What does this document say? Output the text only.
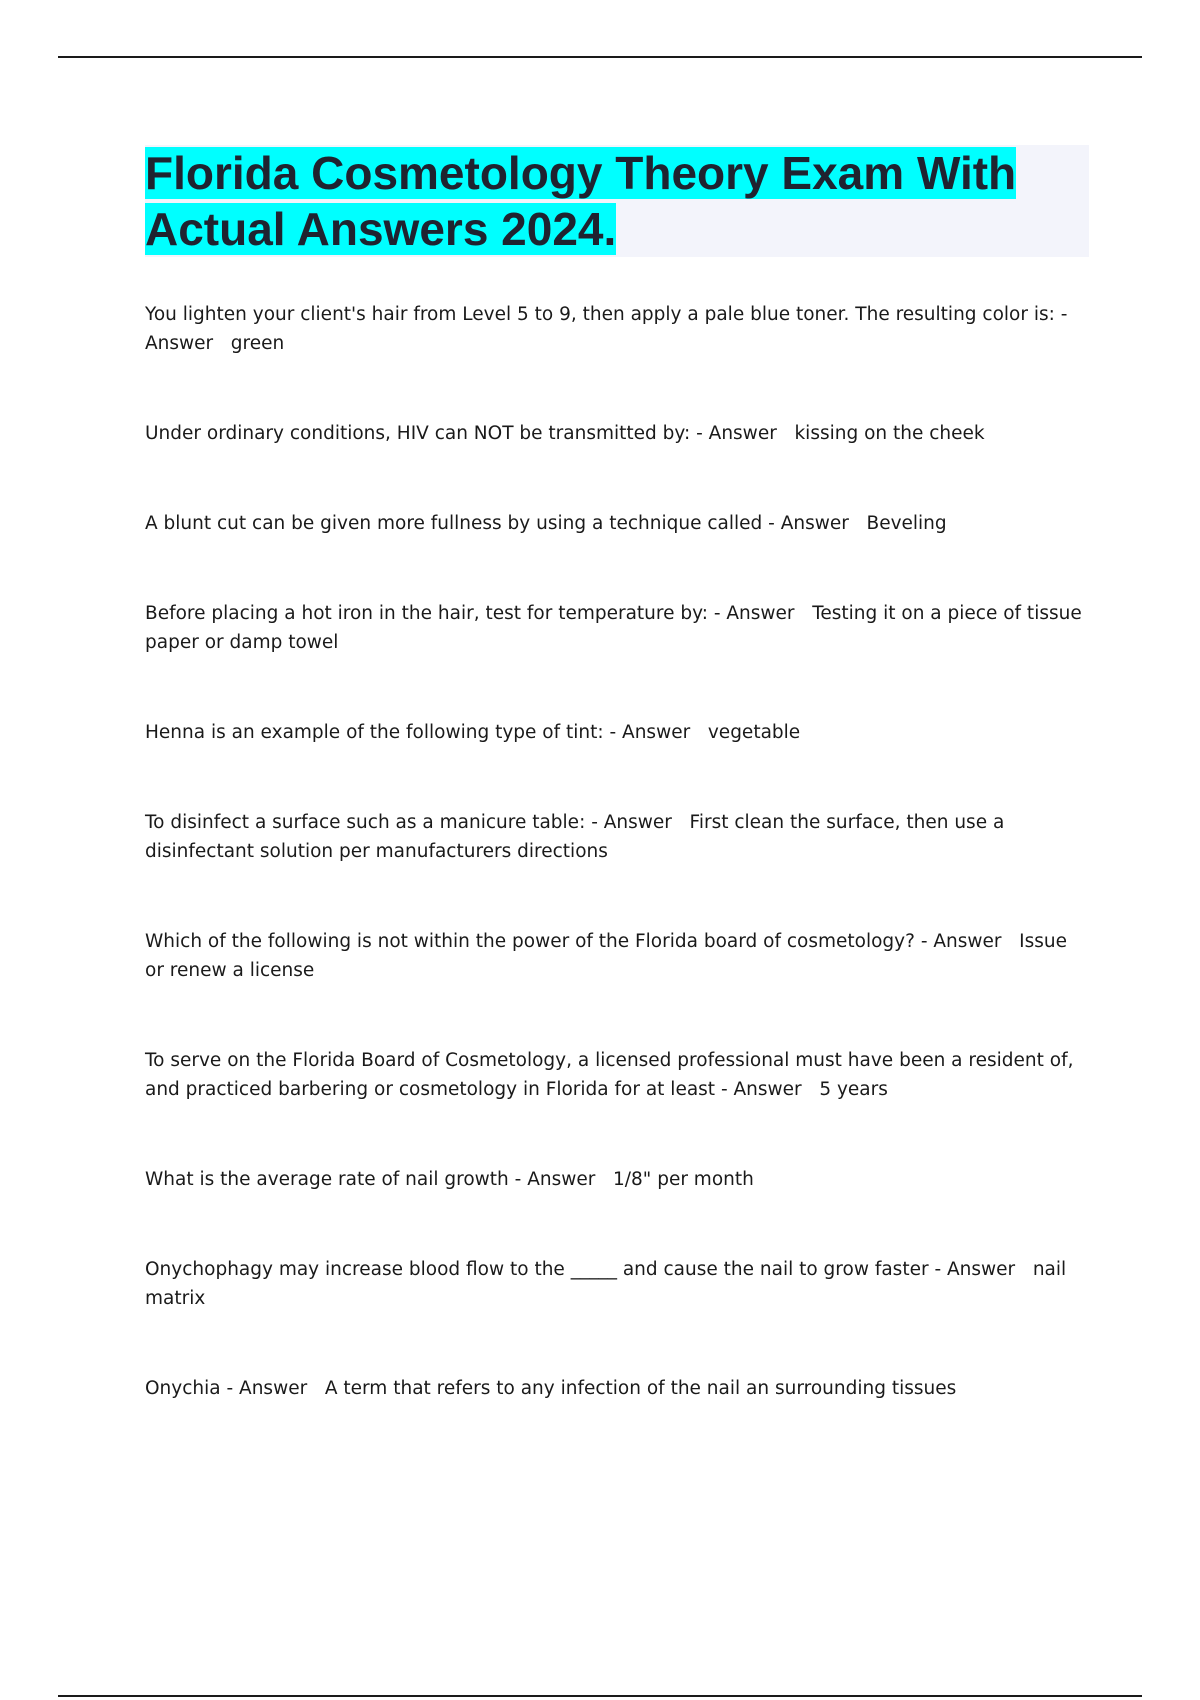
Florida Cosmetology Theory Exam With
Actual Answers 2024.

You lighten your client's hair from Level 5 to 9, then apply a pale blue toner. The resulting color is: - Answer green

Under ordinary conditions, HIV can NOT be transmitted by: - Answer kissing on the cheek

A blunt cut can be given more fullness by using a technique called - Answer Beveling

Before placing a hot iron in the hair, test for temperature by: - Answer Testing it on a piece of tissue paper or damp towel

Henna is an example of the following type of tint: - Answer vegetable

To disinfect a surface such as a manicure table: - Answer First clean the surface, then use a disinfectant solution per manufacturers directions

Which of the following is not within the power of the Florida board of cosmetology? - Answer Issue or renew a license

To serve on the Florida Board of Cosmetology, a licensed professional must have been a resident of, and practiced barbering or cosmetology in Florida for at least - Answer 5 years

What is the average rate of nail growth - Answer 1/8" per month

Onychophagy may increase blood flow to the _____ and cause the nail to grow faster - Answer nail matrix

Onychia - Answer A term that refers to any infection of the nail an surrounding tissues
